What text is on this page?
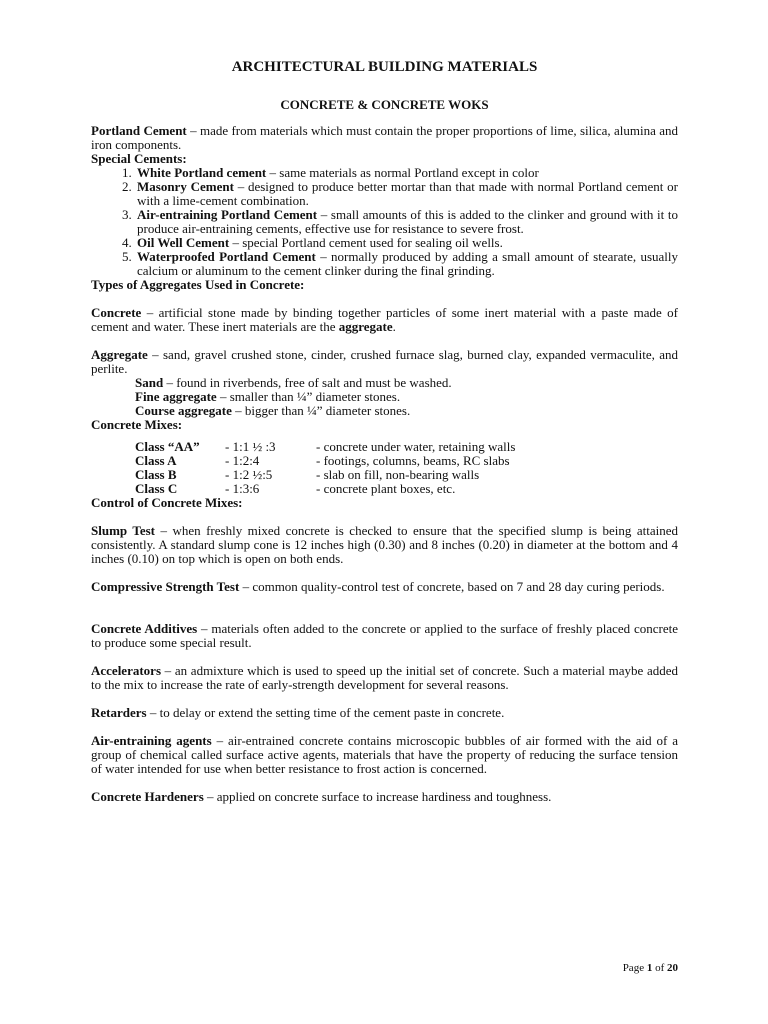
ARCHITECTURAL BUILDING MATERIALS
CONCRETE & CONCRETE WOKS

Portland Cement – made from materials which must contain the proper proportions of lime, silica, alumina and iron components.

Special Cements:

1. White Portland cement – same materials as normal Portland except in color
2. Masonry Cement – designed to produce better mortar than that made with normal Portland cement or with a lime-cement combination.
3. Air-entraining Portland Cement – small amounts of this is added to the clinker and ground with it to produce air-entraining cements, effective use for resistance to severe frost.
4. Oil Well Cement – special Portland cement used for sealing oil wells.
5. Waterproofed Portland Cement – normally produced by adding a small amount of stearate, usually calcium or aluminum to the cement clinker during the final grinding.

Types of Aggregates Used in Concrete:

Concrete – artificial stone made by binding together particles of some inert material with a paste made of cement and water. These inert materials are the aggregate.

Aggregate – sand, gravel crushed stone, cinder, crushed furnace slag, burned clay, expanded vermaculite, and perlite.

Sand – found in riverbends, free of salt and must be washed.

Fine aggregate – smaller than ¼” diameter stones.

Course aggregate – bigger than ¼” diameter stones.

Concrete Mixes:

Class “AA”	- 1:1 ½ :3	- concrete under water, retaining walls
Class A	- 1:2:4	- footings, columns, beams, RC slabs
Class B	- 1:2 ½:5	- slab on fill, non-bearing walls
Class C	- 1:3:6	- concrete plant boxes, etc.

Control of Concrete Mixes:

Slump Test – when freshly mixed concrete is checked to ensure that the specified slump is being attained consistently. A standard slump cone is 12 inches high (0.30) and 8 inches (0.20) in diameter at the bottom and 4 inches (0.10) on top which is open on both ends.

Compressive Strength Test – common quality-control test of concrete, based on 7 and 28 day curing periods.

Concrete Additives – materials often added to the concrete or applied to the surface of freshly placed concrete to produce some special result.

Accelerators – an admixture which is used to speed up the initial set of concrete. Such a material maybe added to the mix to increase the rate of early-strength development for several reasons.

Retarders – to delay or extend the setting time of the cement paste in concrete.

Air-entraining agents – air-entrained concrete contains microscopic bubbles of air formed with the aid of a group of chemical called surface active agents, materials that have the property of reducing the surface tension of water intended for use when better resistance to frost action is concerned.

Concrete Hardeners – applied on concrete surface to increase hardiness and toughness.

Page 1 of 20
